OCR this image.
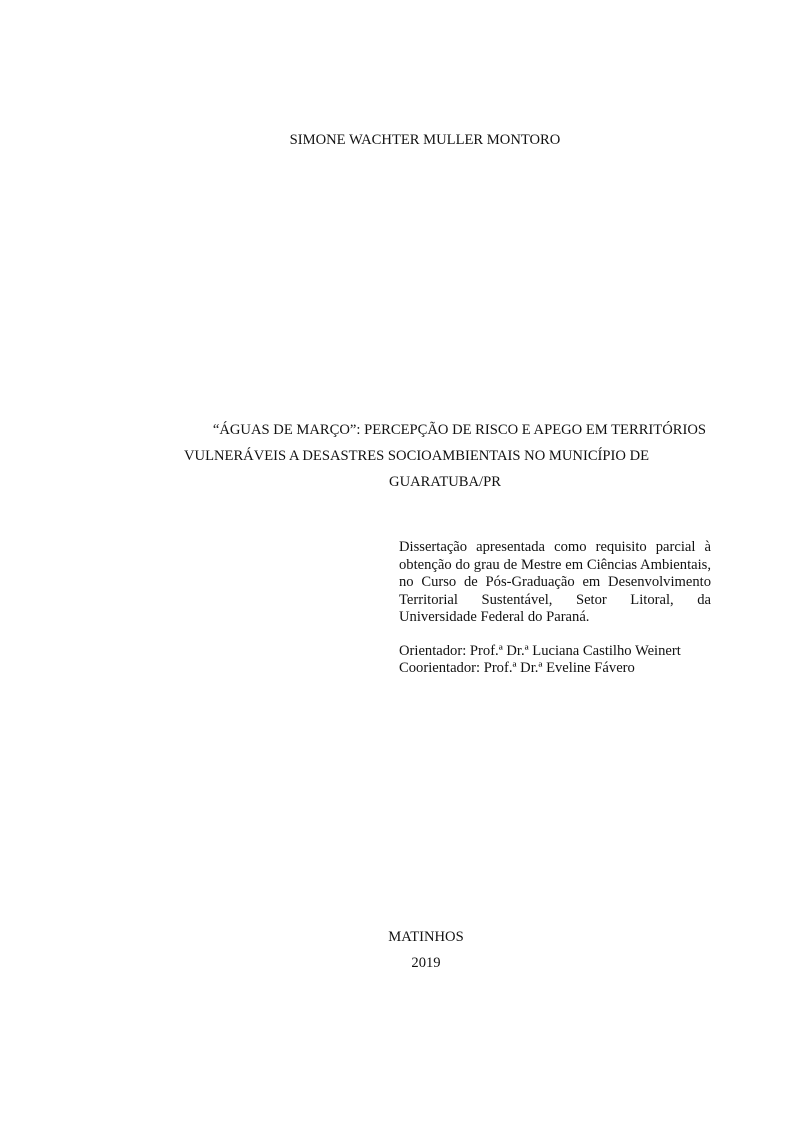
SIMONE WACHTER MULLER MONTORO
“ÁGUAS DE MARÇO”: PERCEPÇÃO DE RISCO E APEGO EM TERRITÓRIOS
VULNERÁVEIS A DESASTRES SOCIOAMBIENTAIS NO MUNICÍPIO DE
GUARATUBA/PR
Dissertação apresentada como requisito parcial à obtenção do grau de Mestre em Ciências Ambientais, no Curso de Pós-Graduação em Desenvolvimento Territorial Sustentável, Setor Litoral, da Universidade Federal do Paraná.
Orientador: Prof.ª Dr.ª Luciana Castilho Weinert
Coorientador: Prof.ª Dr.ª Eveline Fávero
MATINHOS
2019
